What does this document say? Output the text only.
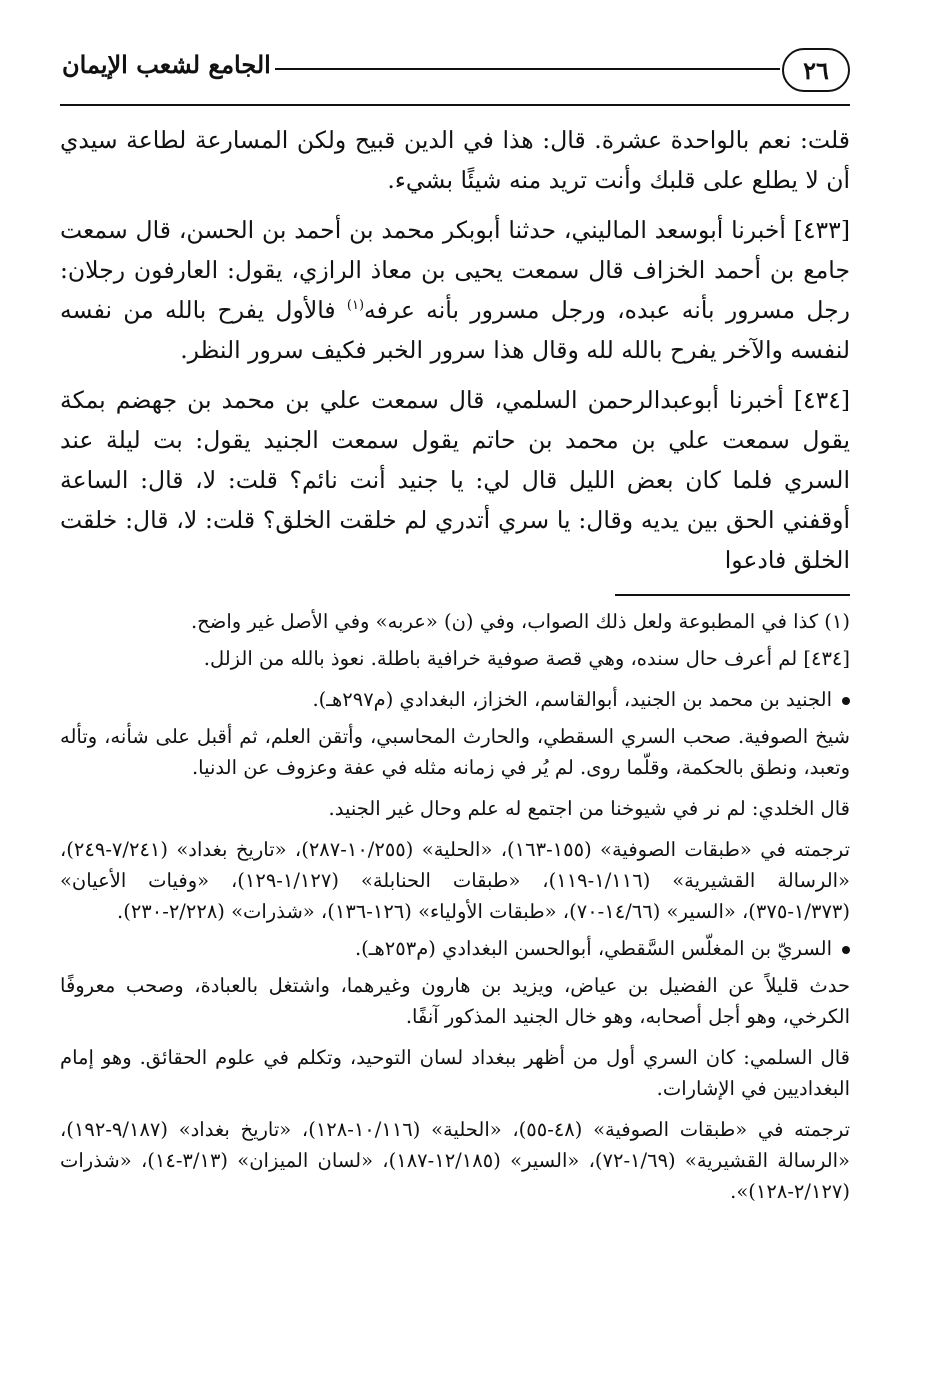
٢٦
الجامع لشعب الإيمان

قلت: نعم بالواحدة عشرة. قال: هذا في الدين قبيح ولكن المسارعة لطاعة سيدي أن لا يطلع على قلبك وأنت تريد منه شيئًا بشيء.

[٤٣٣] أخبرنا أبوسعد الماليني، حدثنا أبوبكر محمد بن أحمد بن الحسن، قال سمعت جامع بن أحمد الخزاف قال سمعت يحيى بن معاذ الرازي، يقول: العارفون رجلان: رجل مسرور بأنه عبده، ورجل مسرور بأنه عرفه$^{(١)}$ فالأول يفرح بالله من نفسه لنفسه والآخر يفرح بالله لله وقال هذا سرور الخبر فكيف سرور النظر.

[٤٣٤] أخبرنا أبوعبدالرحمن السلمي، قال سمعت علي بن محمد بن جهضم بمكة يقول سمعت علي بن محمد بن حاتم يقول سمعت الجنيد يقول: بت ليلة عند السري فلما كان بعض الليل قال لي: يا جنيد أنت نائم؟ قلت: لا، قال: الساعة أوقفني الحق بين يديه وقال: يا سري أتدري لم خلقت الخلق؟ قلت: لا، قال: خلقت الخلق فادعوا

(١) كذا في المطبوعة ولعل ذلك الصواب، وفي (ن) «عربه» وفي الأصل غير واضح.

[٤٣٤] لم أعرف حال سنده، وهي قصة صوفية خرافية باطلة. نعوذ بالله من الزلل.

الجنيد بن محمد بن الجنيد، أبوالقاسم، الخزاز، البغدادي (م٢٩٧هـ).

شيخ الصوفية. صحب السري السقطي، والحارث المحاسبي، وأتقن العلم، ثم أقبل على شأنه، وتأله وتعبد، ونطق بالحكمة، وقلّما روى. لم يُر في زمانه مثله في عفة وعزوف عن الدنيا.

قال الخلدي: لم نر في شيوخنا من اجتمع له علم وحال غير الجنيد.

ترجمته في «طبقات الصوفية» (١٥٥-١٦٣)، «الحلية» (١٠/٢٥٥-٢٨٧)، «تاريخ بغداد» (٧/٢٤١-٢٤٩)، «الرسالة القشيرية» (١/١١٦-١١٩)، «طبقات الحنابلة» (١/١٢٧-١٢٩)، «وفيات الأعيان» (١/٣٧٣-٣٧٥)، «السير» (١٤/٦٦-٧٠)، «طبقات الأولياء» (١٢٦-١٣٦)، «شذرات» (٢/٢٢٨-٢٣٠).

السريّ بن المغلّس السَّقطي، أبوالحسن البغدادي (م٢٥٣هـ).

حدث قليلاً عن الفضيل بن عياض، ويزيد بن هارون وغيرهما، واشتغل بالعبادة، وصحب معروفًا الكرخي، وهو أجل أصحابه، وهو خال الجنيد المذكور آنفًا.

قال السلمي: كان السري أول من أظهر ببغداد لسان التوحيد، وتكلم في علوم الحقائق. وهو إمام البغداديين في الإشارات.

ترجمته في «طبقات الصوفية» (٤٨-٥٥)، «الحلية» (١٠/١١٦-١٢٨)، «تاريخ بغداد» (٩/١٨٧-١٩٢)، «الرسالة القشيرية» (١/٦٩-٧٢)، «السير» (١٢/١٨٥-١٨٧)، «لسان الميزان» (٣/١٣-١٤)، «شذرات (٢/١٢٧-١٢٨)».
